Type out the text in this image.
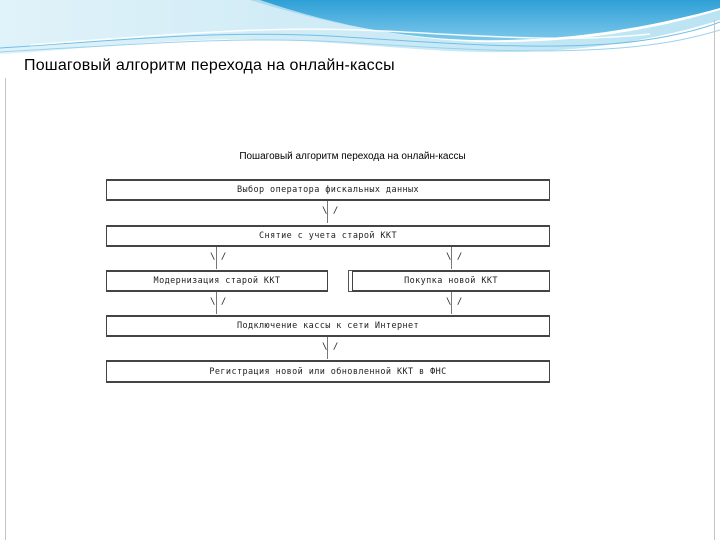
Пошаговый алгоритм перехода на онлайн-кассы
Пошаговый алгоритм перехода на онлайн-кассы
Выбор оператора фискальных данных
\ /
Снятие с учета старой ККТ
\ /	\ /
Модернизация старой ККТ	Покупка новой ККТ
\ /	\ /
Подключение кассы к сети Интернет
\ /
Регистрация новой или обновленной ККТ в ФНС
